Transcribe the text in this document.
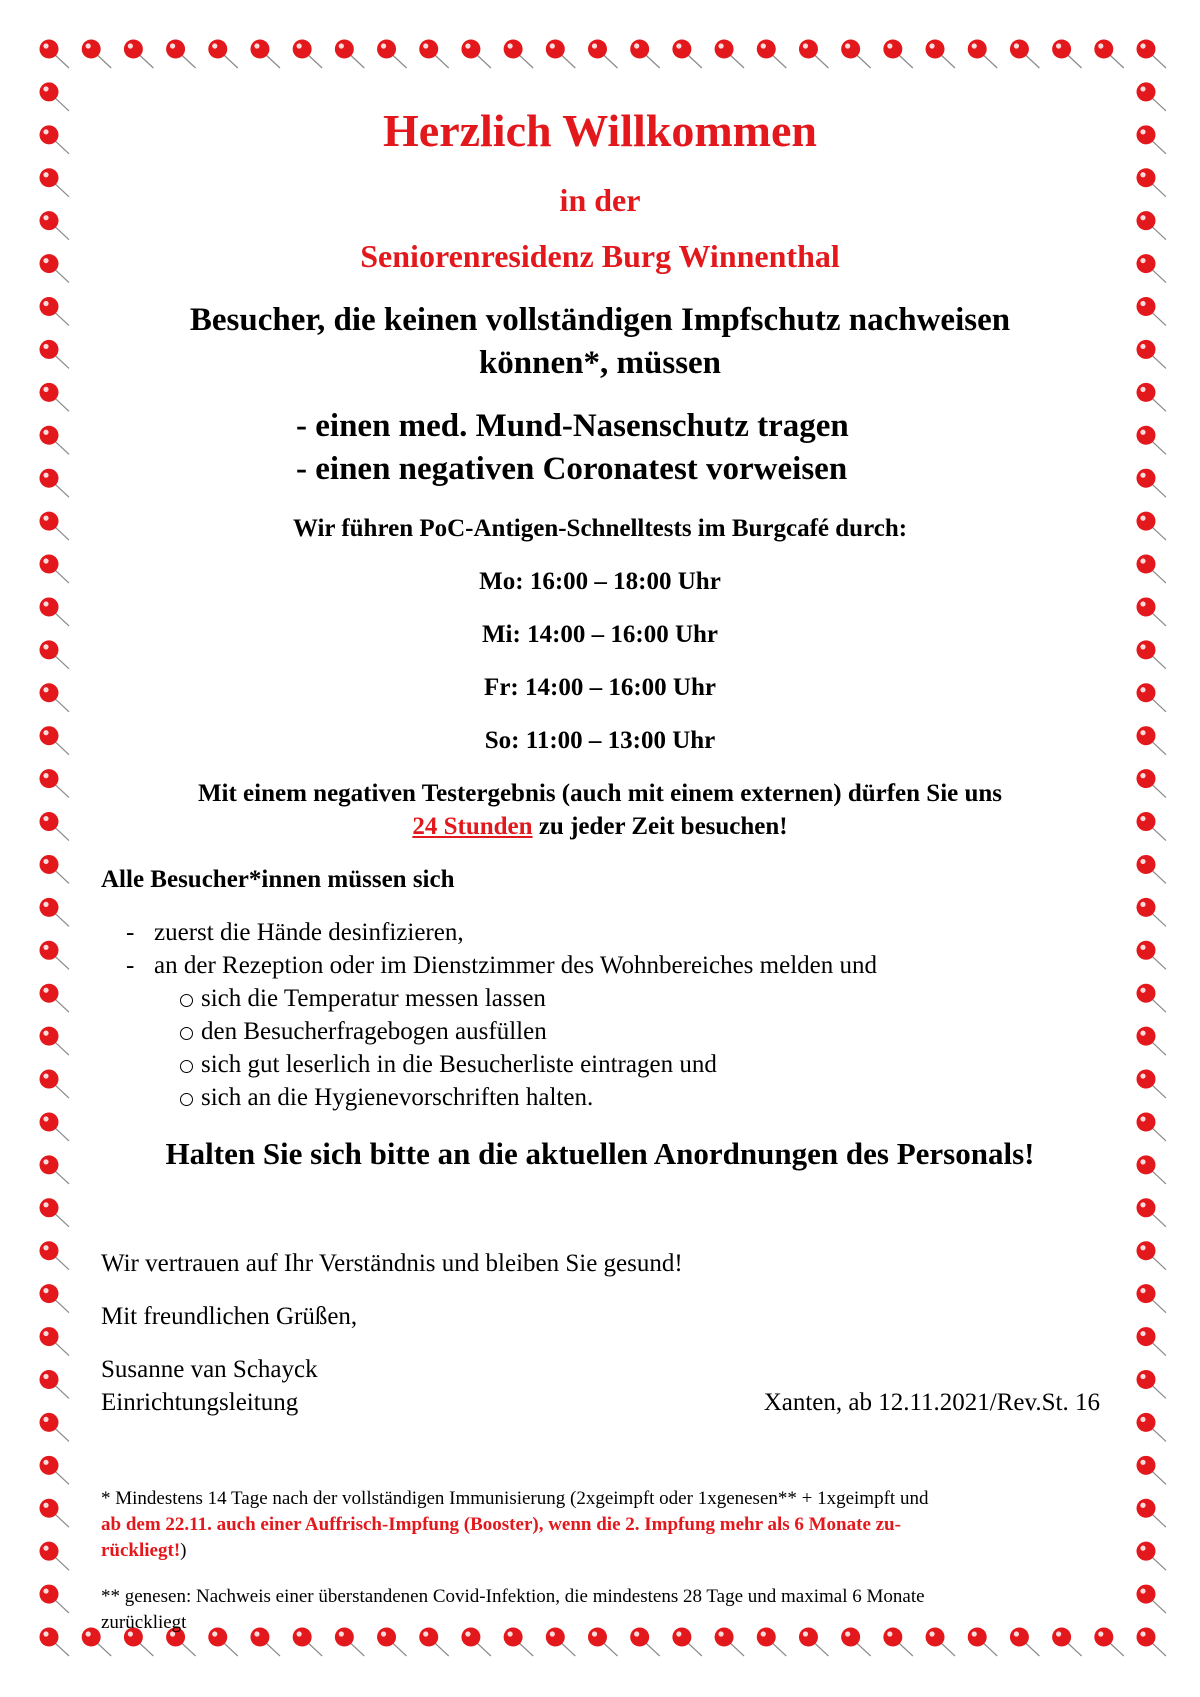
Herzlich Willkommen
in der
Seniorenresidenz Burg Winnenthal
Besucher, die keinen vollständigen Impfschutz nachweisen
können*, müssen
- einen med. Mund-Nasenschutz tragen
- einen negativen Coronatest vorweisen
Wir führen PoC-Antigen-Schnelltests im Burgcafé durch:
Mo: 16:00 – 18:00 Uhr
Mi: 14:00 – 16:00 Uhr
Fr: 14:00 – 16:00 Uhr
So: 11:00 – 13:00 Uhr
Mit einem negativen Testergebnis (auch mit einem externen) dürfen Sie uns
24 Stunden zu jeder Zeit besuchen!
Alle Besucher*innen müssen sich
- zuerst die Hände desinfizieren,
- an der Rezeption oder im Dienstzimmer des Wohnbereiches melden und
sich die Temperatur messen lassen
den Besucherfragebogen ausfüllen
sich gut leserlich in die Besucherliste eintragen und
sich an die Hygienevorschriften halten.
Halten Sie sich bitte an die aktuellen Anordnungen des Personals!
Wir vertrauen auf Ihr Verständnis und bleiben Sie gesund!
Mit freundlichen Grüßen,
Susanne van Schayck
Einrichtungsleitung	Xanten, ab 12.11.2021/Rev.St. 16
* Mindestens 14 Tage nach der vollständigen Immunisierung (2xgeimpft oder 1xgenesen** + 1xgeimpft und
ab dem 22.11. auch einer Auffrisch-Impfung (Booster), wenn die 2. Impfung mehr als 6 Monate zu-
rückliegt!)
** genesen: Nachweis einer überstandenen Covid-Infektion, die mindestens 28 Tage und maximal 6 Monate
zurückliegt
